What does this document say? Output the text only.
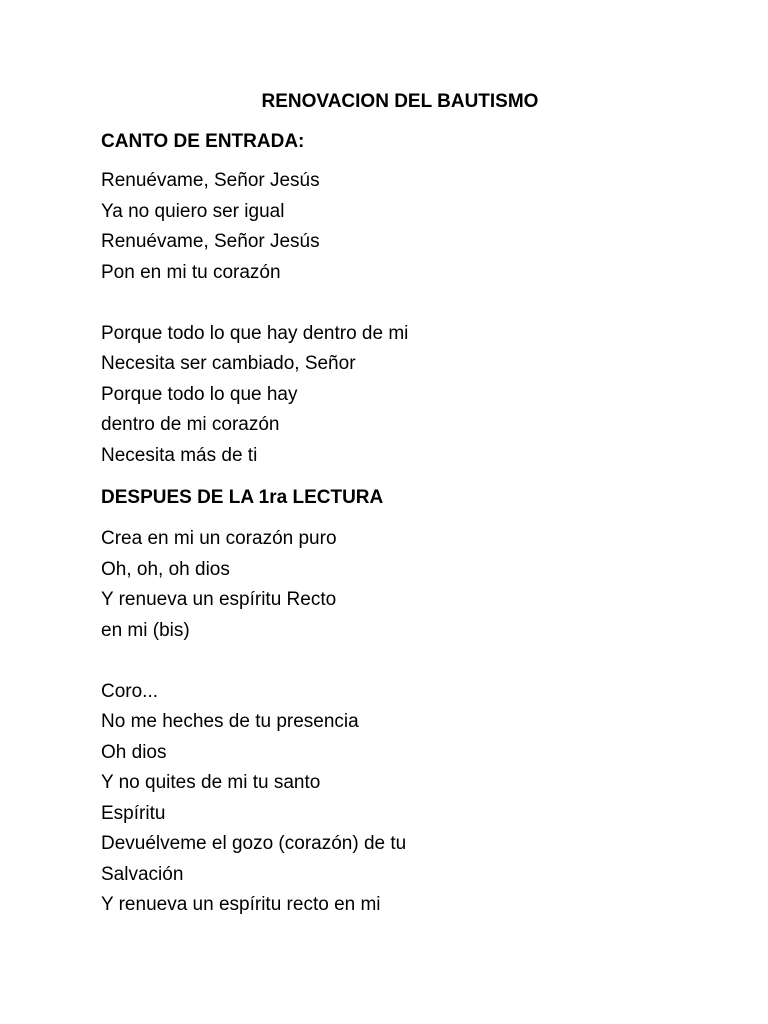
RENOVACION DEL BAUTISMO
CANTO DE ENTRADA:
Renuévame, Señor Jesús
Ya no quiero ser igual
Renuévame, Señor Jesús
Pon en mi tu corazón
Porque todo lo que hay dentro de mi
Necesita ser cambiado, Señor
Porque todo lo que hay
dentro de mi corazón
Necesita más de ti
DESPUES DE LA 1ra LECTURA
Crea en mi un corazón puro
Oh, oh, oh dios
Y renueva un espíritu Recto
en mi (bis)
Coro...
No me heches de tu presencia
Oh dios
Y no quites de mi tu santo
Espíritu
Devuélveme el gozo (corazón) de tu
Salvación
Y renueva un espíritu recto en mi
